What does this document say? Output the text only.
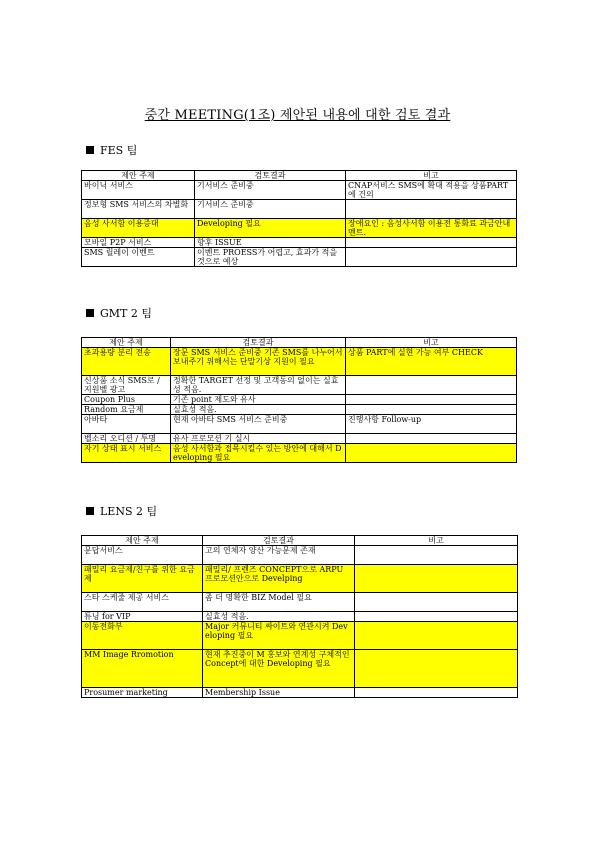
중간 MEETING(1조) 제안된 내용에 대한 검토 결과
FES 팀
제안 주제	검토결과	비고
바이닉 서비스	기서비스 준비중	CNAP서비스 SMS에 확대 적용을 상품PART에 건의
정보형 SMS 서비스의 차별화	기서비스 준비중	
음성 사서함 이용증대	Developing 필요	장애요인 : 음성사서함 이용전 통화료 과금안내 멘트.
모바일 P2P 서비스	향후 ISSUE	
SMS 릴레이 이벤트	이벤트 PROESS가 어렵고, 효과가 적을 것으로 예상	
GMT 2 팀
제안 주제	검토결과	비고
초과용량 분리 전송	장문 SMS 서비스 준비중 기존 SMS를 나누어서 보내주기 위해서는 단말기상 지원이 필요	상품 PART에 실현 가능 여부 CHECK
신상품 소식 SMS로 / 지원벨 광고	정확한 TARGET 선정 및 고객동의 없이는 실효성 적음.	
Coupon Plus	기존 point 제도와 유사	
Random 요금제	실효성 적음.	
아바타	현재 아바타 SMS 서비스 준비중	진행사항 Follow-up
벨소리 오디션 / 투명	유사 프로모션 기 실시	
자기 상태 표시 서비스	음성 사서함과 접목시킬수 있는 방안에 대해서 Developing 필요	
LENS 2 팀
제안 주제	검토결과	비고
문답서비스	고의 연체자 양산 가능문제 존재	
패밀리 요금제/친구를 위한 요금제	패밀리/ 프렌즈 CONCEPT으로 ARPU 프로모션안으로 Develping	
스타 스케줄 제공 서비스	좀 더 명확한 BIZ Model 필요	
튜닝 for VIP	실효성 적음.	
이동전화부	Major 커뮤니티 싸이트와 연관시켜 Developing 필요	
MM Image Rromotion	현재 추진중이 M 홍보와 연계성 구체적인 Concept에 대한 Developing 필요	
Prosumer marketing	Membership Issue	
